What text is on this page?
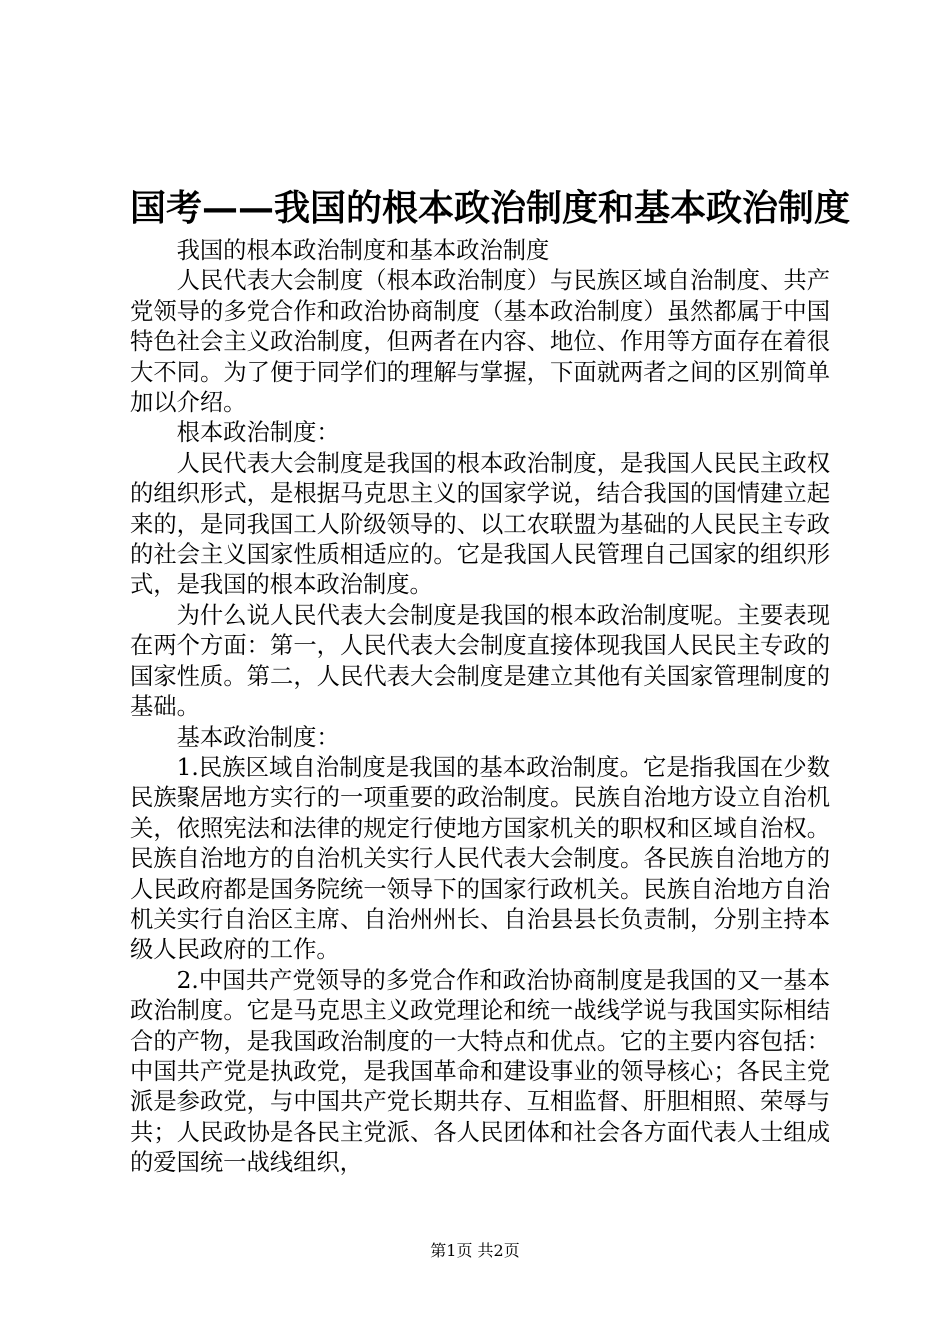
国考——我国的根本政治制度和基本政治制度

我国的根本政治制度和基本政治制度

人民代表大会制度（根本政治制度）与民族区域自治制度、共产党领导的多党合作和政治协商制度（基本政治制度）虽然都属于中国特色社会主义政治制度，但两者在内容、地位、作用等方面存在着很大不同。为了便于同学们的理解与掌握，下面就两者之间的区别简单加以介绍。

根本政治制度：

人民代表大会制度是我国的根本政治制度，是我国人民民主政权的组织形式，是根据马克思主义的国家学说，结合我国的国情建立起来的，是同我国工人阶级领导的、以工农联盟为基础的人民民主专政的社会主义国家性质相适应的。它是我国人民管理自己国家的组织形式，是我国的根本政治制度。

为什么说人民代表大会制度是我国的根本政治制度呢。主要表现在两个方面：第一，人民代表大会制度直接体现我国人民民主专政的国家性质。第二，人民代表大会制度是建立其他有关国家管理制度的基础。

基本政治制度：

1.民族区域自治制度是我国的基本政治制度。它是指我国在少数民族聚居地方实行的一项重要的政治制度。民族自治地方设立自治机关，依照宪法和法律的规定行使地方国家机关的职权和区域自治权。民族自治地方的自治机关实行人民代表大会制度。各民族自治地方的人民政府都是国务院统一领导下的国家行政机关。民族自治地方自治机关实行自治区主席、自治州州长、自治县县长负责制，分别主持本级人民政府的工作。

2.中国共产党领导的多党合作和政治协商制度是我国的又一基本政治制度。它是马克思主义政党理论和统一战线学说与我国实际相结合的产物，是我国政治制度的一大特点和优点。它的主要内容包括：中国共产党是执政党，是我国革命和建设事业的领导核心；各民主党派是参政党，与中国共产党长期共存、互相监督、肝胆相照、荣辱与共；人民政协是各民主党派、各人民团体和社会各方面代表人士组成的爱国统一战线组织，

第1页 共2页
